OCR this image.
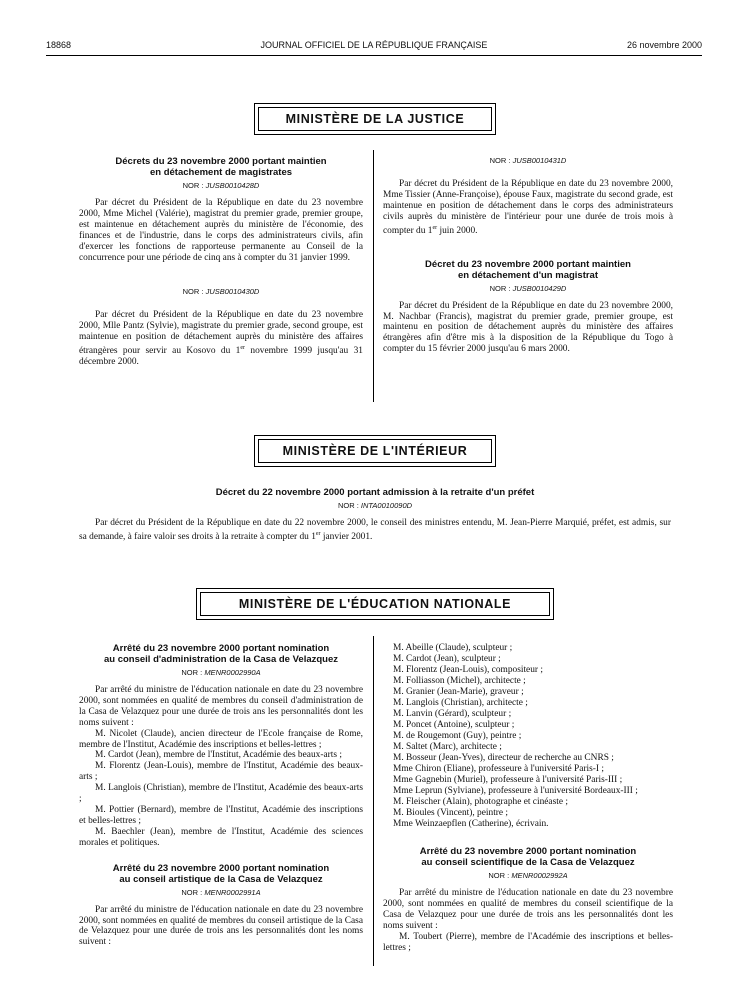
18868	JOURNAL OFFICIEL DE LA RÉPUBLIQUE FRANÇAISE	26 novembre 2000
MINISTÈRE DE LA JUSTICE

Décrets du 23 novembre 2000 portant maintien

en détachement de magistrates

NOR : JUSB0010428D

Par décret du Président de la République en date du 23 novembre 2000, Mme Michel (Valérie), magistrat du premier grade, premier groupe, est maintenue en détachement auprès du ministère de l'économie, des finances et de l'industrie, dans le corps des administrateurs civils, afin d'exercer les fonctions de rapporteuse permanente au Conseil de la concurrence pour une période de cinq ans à compter du 31 janvier 1999.

NOR : JUSB0010430D

Par décret du Président de la République en date du 23 novembre 2000, Mlle Pantz (Sylvie), magistrate du premier grade, second groupe, est maintenue en position de détachement auprès du ministère des affaires étrangères pour servir au Kosovo du 1er novembre 1999 jusqu'au 31 décembre 2000.

NOR : JUSB0010431D

Par décret du Président de la République en date du 23 novembre 2000, Mme Tissier (Anne-Françoise), épouse Faux, magistrate du second grade, est maintenue en position de détachement dans le corps des administrateurs civils auprès du ministère de l'intérieur pour une durée de trois mois à compter du 1er juin 2000.

Décret du 23 novembre 2000 portant maintien

en détachement d'un magistrat

NOR : JUSB0010429D

Par décret du Président de la République en date du 23 novembre 2000, M. Nachbar (Francis), magistrat du premier grade, premier groupe, est maintenu en position de détachement auprès du ministère des affaires étrangères afin d'être mis à la disposition de la République du Togo à compter du 15 février 2000 jusqu'au 6 mars 2000.

MINISTÈRE DE L'INTÉRIEUR

Décret du 22 novembre 2000 portant admission à la retraite d'un préfet

NOR : INTA0010090D

Par décret du Président de la République en date du 22 novembre 2000, le conseil des ministres entendu, M. Jean-Pierre Marquié, préfet, est admis, sur sa demande, à faire valoir ses droits à la retraite à compter du 1er janvier 2001.

MINISTÈRE DE L'ÉDUCATION NATIONALE

Arrêté du 23 novembre 2000 portant nomination

au conseil d'administration de la Casa de Velazquez

NOR : MENR0002990A

Par arrêté du ministre de l'éducation nationale en date du 23 novembre 2000, sont nommées en qualité de membres du conseil d'administration de la Casa de Velazquez pour une durée de trois ans les personnalités dont les noms suivent :

M. Nicolet (Claude), ancien directeur de l'Ecole française de Rome, membre de l'Institut, Académie des inscriptions et belles-lettres ;

M. Cardot (Jean), membre de l'Institut, Académie des beaux-arts ;

M. Florentz (Jean-Louis), membre de l'Institut, Académie des beaux-arts ;

M. Langlois (Christian), membre de l'Institut, Académie des beaux-arts ;

M. Pottier (Bernard), membre de l'Institut, Académie des inscriptions et belles-lettres ;

M. Baechler (Jean), membre de l'Institut, Académie des sciences morales et politiques.

Arrêté du 23 novembre 2000 portant nomination

au conseil artistique de la Casa de Velazquez

NOR : MENR0002991A

Par arrêté du ministre de l'éducation nationale en date du 23 novembre 2000, sont nommées en qualité de membres du conseil artistique de la Casa de Velazquez pour une durée de trois ans les personnalités dont les noms suivent :

M. Abeille (Claude), sculpteur ;

M. Cardot (Jean), sculpteur ;

M. Florentz (Jean-Louis), compositeur ;

M. Folliasson (Michel), architecte ;

M. Granier (Jean-Marie), graveur ;

M. Langlois (Christian), architecte ;

M. Lanvin (Gérard), sculpteur ;

M. Poncet (Antoine), sculpteur ;

M. de Rougemont (Guy), peintre ;

M. Saltet (Marc), architecte ;

M. Bosseur (Jean-Yves), directeur de recherche au CNRS ;

Mme Chiron (Eliane), professeure à l'université Paris-I ;

Mme Gagnebin (Muriel), professeure à l'université Paris-III ;

Mme Leprun (Sylviane), professeure à l'université Bordeaux-III ;

M. Fleischer (Alain), photographe et cinéaste ;

M. Bioules (Vincent), peintre ;

Mme Weinzaepflen (Catherine), écrivain.

Arrêté du 23 novembre 2000 portant nomination

au conseil scientifique de la Casa de Velazquez

NOR : MENR0002992A

Par arrêté du ministre de l'éducation nationale en date du 23 novembre 2000, sont nommées en qualité de membres du conseil scientifique de la Casa de Velazquez pour une durée de trois ans les personnalités dont les noms suivent :

M. Toubert (Pierre), membre de l'Académie des inscriptions et belles-lettres ;
